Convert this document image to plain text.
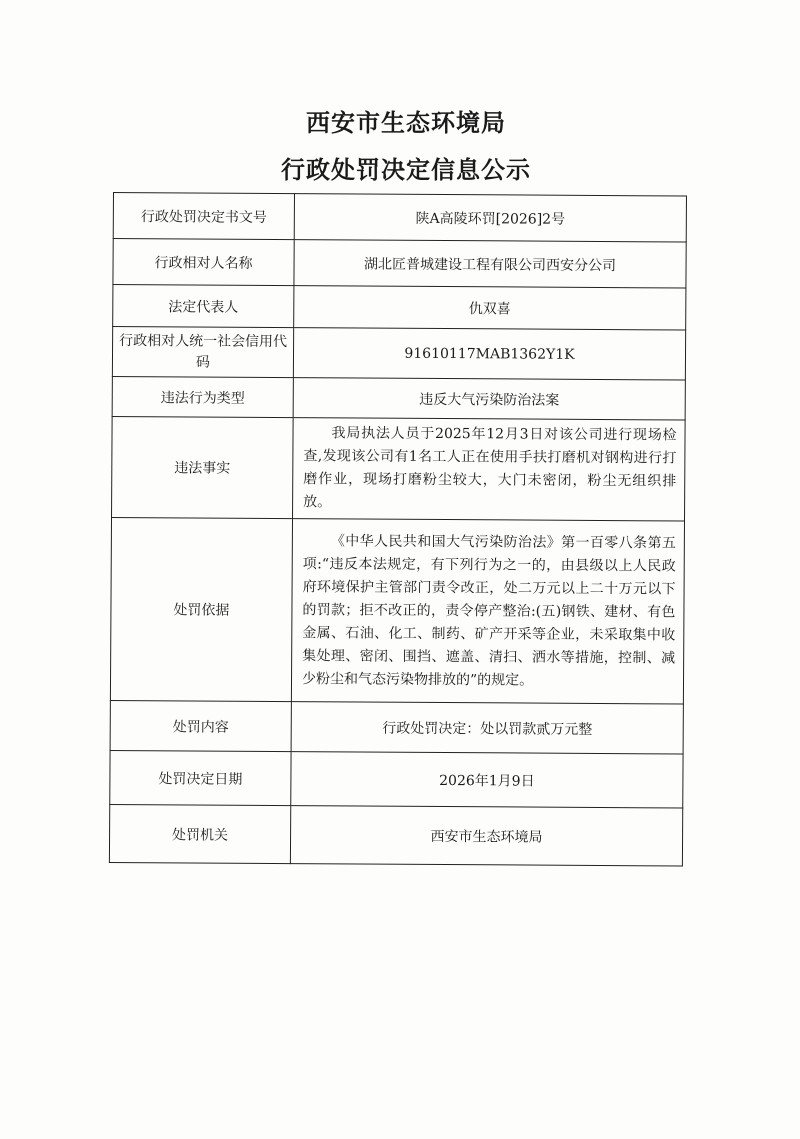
西安市生态环境局
行政处罚决定信息公示
行政处罚决定书文号	陕A高陵环罚[2026]2号
行政相对人名称	湖北匠普城建设工程有限公司西安分公司
法定代表人	仇双喜
行政相对人统一社会信用代码	91610117MAB1362Y1K
违法行为类型	违反大气污染防治法案
违法事实	我局执法人员于2025年12月3日对该公司进行现场检查,发现该公司有1名工人正在使用手扶打磨机对钢构进行打磨作业，现场打磨粉尘较大，大门未密闭，粉尘无组织排放。
处罚依据	《中华人民共和国大气污染防治法》第一百零八条第五项:“违反本法规定，有下列行为之一的，由县级以上人民政府环境保护主管部门责令改正，处二万元以上二十万元以下的罚款；拒不改正的，责令停产整治:(五)钢铁、建材、有色金属、石油、化工、制药、矿产开采等企业，未采取集中收集处理、密闭、围挡、遮盖、清扫、洒水等措施，控制、减少粉尘和气态污染物排放的”的规定。
处罚内容	行政处罚决定：处以罚款贰万元整
处罚决定日期	2026年1月9日
处罚机关	西安市生态环境局
